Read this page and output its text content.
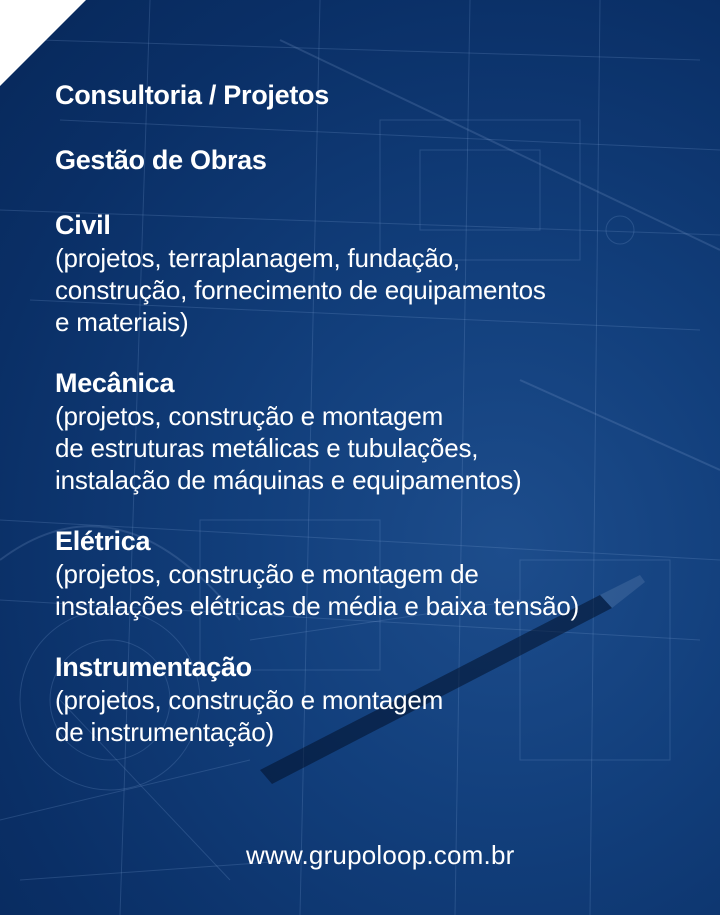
Consultoria / Projetos

Gestão de Obras

Civil

(projetos, terraplanagem, fundação,
construção, fornecimento de equipamentos
e materiais)

Mecânica

(projetos, construção e montagem
de estruturas metálicas e tubulações,
instalação de máquinas e equipamentos)

Elétrica

(projetos, construção e montagem de
instalações elétricas de média e baixa tensão)

Instrumentação

(projetos, construção e montagem
de instrumentação)

www.grupoloop.com.br
